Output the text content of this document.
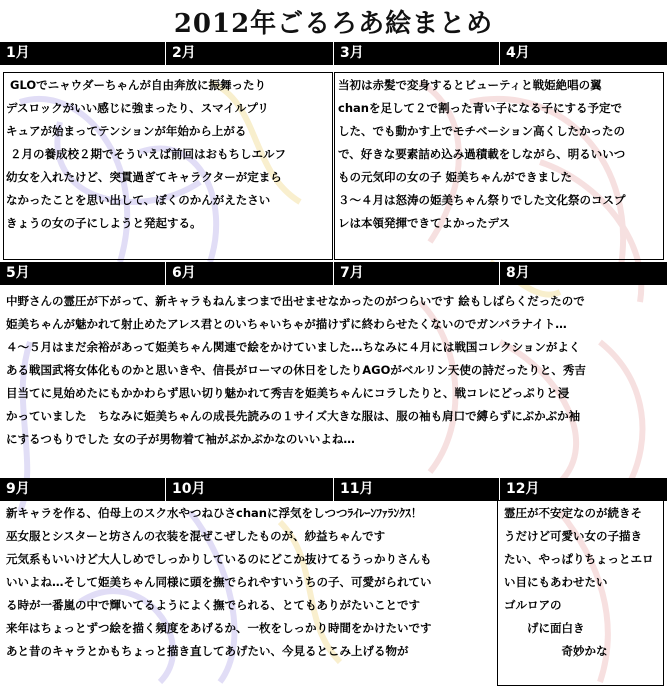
2012年ごるろあ絵まとめ
1月	2月	3月	4月
GLOでニャウダーちゃんが自由奔放に振舞ったり
デスロックがいい感じに強まったり、スマイルプリ
キュアが始まってテンションが年始から上がる
２月の養成校２期でそういえば前回はおもちしエルフ
幼女を入れたけど、突貫過ぎてキャラクターが定まら
なかったことを思い出して、ぼくのかんがえたさい
きょうの女の子にしようと発起する。
当初は赤髪で変身するとビューティと戦姫絶唱の翼
chanを足して２で割った青い子になる子にする予定で
した、でも動かす上でモチベーション高くしたかったの
で、好きな要素詰め込み過積載をしながら、明るいいつ
もの元気印の女の子 姫美ちゃんができました
３～４月は怒涛の姫美ちゃん祭りでした文化祭のコスプ
レは本領発揮できてよかったデス
5月	6月	7月	8月
中野さんの霊圧が下がって、新キャラもねんまつまで出せませなかったのがつらいです 絵もしばらくだったので
姫美ちゃんが魅かれて射止めたアレス君とのいちゃいちゃが描けずに終わらせたくないのでガンバラナイト…
４～５月はまだ余裕があって姫美ちゃん関連で絵をかけていました…ちなみに４月には戦国コレクションがよく
ある戦国武将女体化ものかと思いきや、信長がローマの休日をしたりAGOがベルリン天使の詩だったりと、秀吉
目当てに見始めたにもかかわらず思い切り魅かれて秀吉を姫美ちゃんにコラしたりと、戦コレにどっぷりと浸
かっていました　ちなみに姫美ちゃんの成長先読みの１サイズ大きな服は、服の袖も肩口で縛らずにぶかぶか袖
にするつもりでした 女の子が男物着て袖がぶかぶかなのいいよね…
9月	10月	11月	12月
新キャラを作る、伯母上のスク水やつねひさchanに浮気をしつつﾗｲﾚｰﾝﾌｧﾗﾝｸｽ！
巫女服とシスターと坊さんの衣装を混ぜこぜしたものが、紗益ちゃんです
元気系もいいけど大人しめでしっかりしているのにどこか抜けてるうっかりさんも
いいよね…そして姫美ちゃん同様に頭を撫でられやすいうちの子、可愛がられてい
る時が一番嵐の中で輝いてるようによく撫でられる、とてもありがたいことです
来年はちょっとずつ絵を描く頻度をあげるか、一枚をしっかり時間をかけたいです
あと昔のキャラとかもちょっと描き直してあげたい、今見るとこみ上げる物が
霊圧が不安定なのが続きそ
うだけど可愛い女の子描き
たい、やっぱりちょっとエロ
い目にもあわせたい
ゴルロアの
　　げに面白き
　　　　　奇妙かな
